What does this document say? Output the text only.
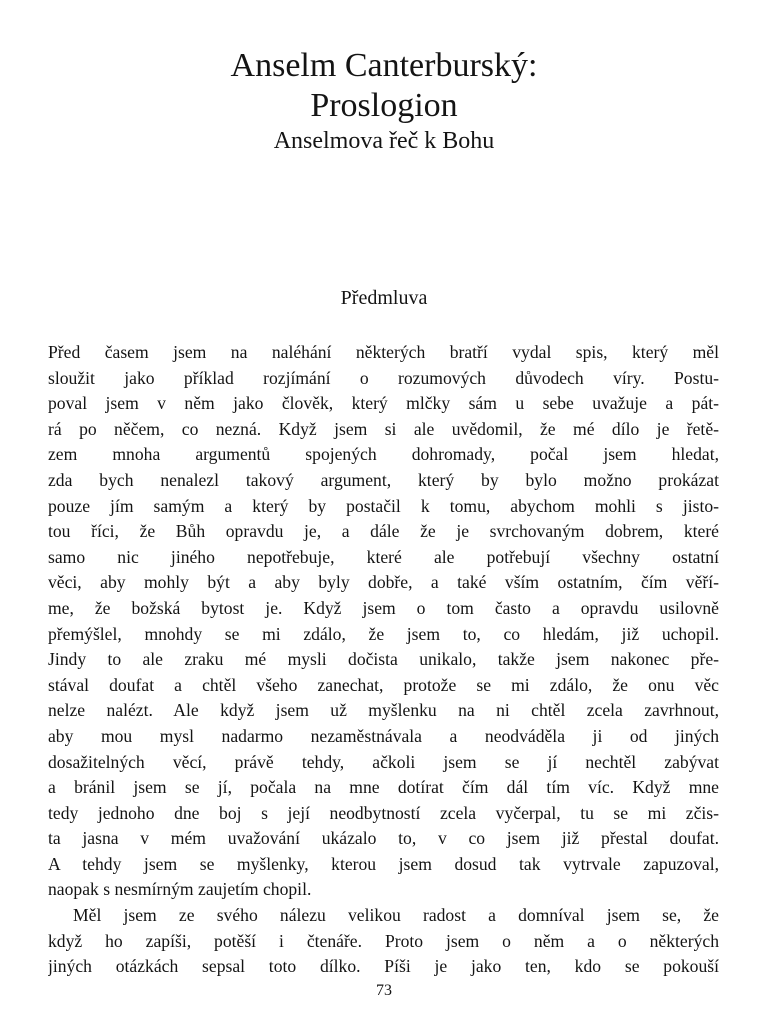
Anselm Canterburský:
Proslogion
Anselmova řeč k Bohu
Předmluva

Před časem jsem na naléhání některých bratří vydal spis, který měl
sloužit jako příklad rozjímání o rozumových důvodech víry. Postu-
poval jsem v něm jako člověk, který mlčky sám u sebe uvažuje a pát-
rá po něčem, co nezná. Když jsem si ale uvědomil, že mé dílo je řetě-
zem mnoha argumentů spojených dohromady, počal jsem hledat,
zda bych nenalezl takový argument, který by bylo možno prokázat
pouze jím samým a který by postačil k tomu, abychom mohli s jisto-
tou říci, že Bůh opravdu je, a dále že je svrchovaným dobrem, které
samo nic jiného nepotřebuje, které ale potřebují všechny ostatní
věci, aby mohly být a aby byly dobře, a také vším ostatním, čím věří-
me, že božská bytost je. Když jsem o tom často a opravdu usilovně
přemýšlel, mnohdy se mi zdálo, že jsem to, co hledám, již uchopil.
Jindy to ale zraku mé mysli dočista unikalo, takže jsem nakonec pře-
stával doufat a chtěl všeho zanechat, protože se mi zdálo, že onu věc
nelze nalézt. Ale když jsem už myšlenku na ni chtěl zcela zavrhnout,
aby mou mysl nadarmo nezaměstnávala a neodváděla ji od jiných
dosažitelných věcí, právě tehdy, ačkoli jsem se jí nechtěl zabývat
a bránil jsem se jí, počala na mne dotírat čím dál tím víc. Když mne
tedy jednoho dne boj s její neodbytností zcela vyčerpal, tu se mi zčis-
ta jasna v mém uvažování ukázalo to, v co jsem již přestal doufat.
A tehdy jsem se myšlenky, kterou jsem dosud tak vytrvale zapuzoval,
naopak s nesmírným zaujetím chopil.

Měl jsem ze svého nálezu velikou radost a domníval jsem se, že
když ho zapíši, potěší i čtenáře. Proto jsem o něm a o některých
jiných otázkách sepsal toto dílko. Píši je jako ten, kdo se pokouší

73
